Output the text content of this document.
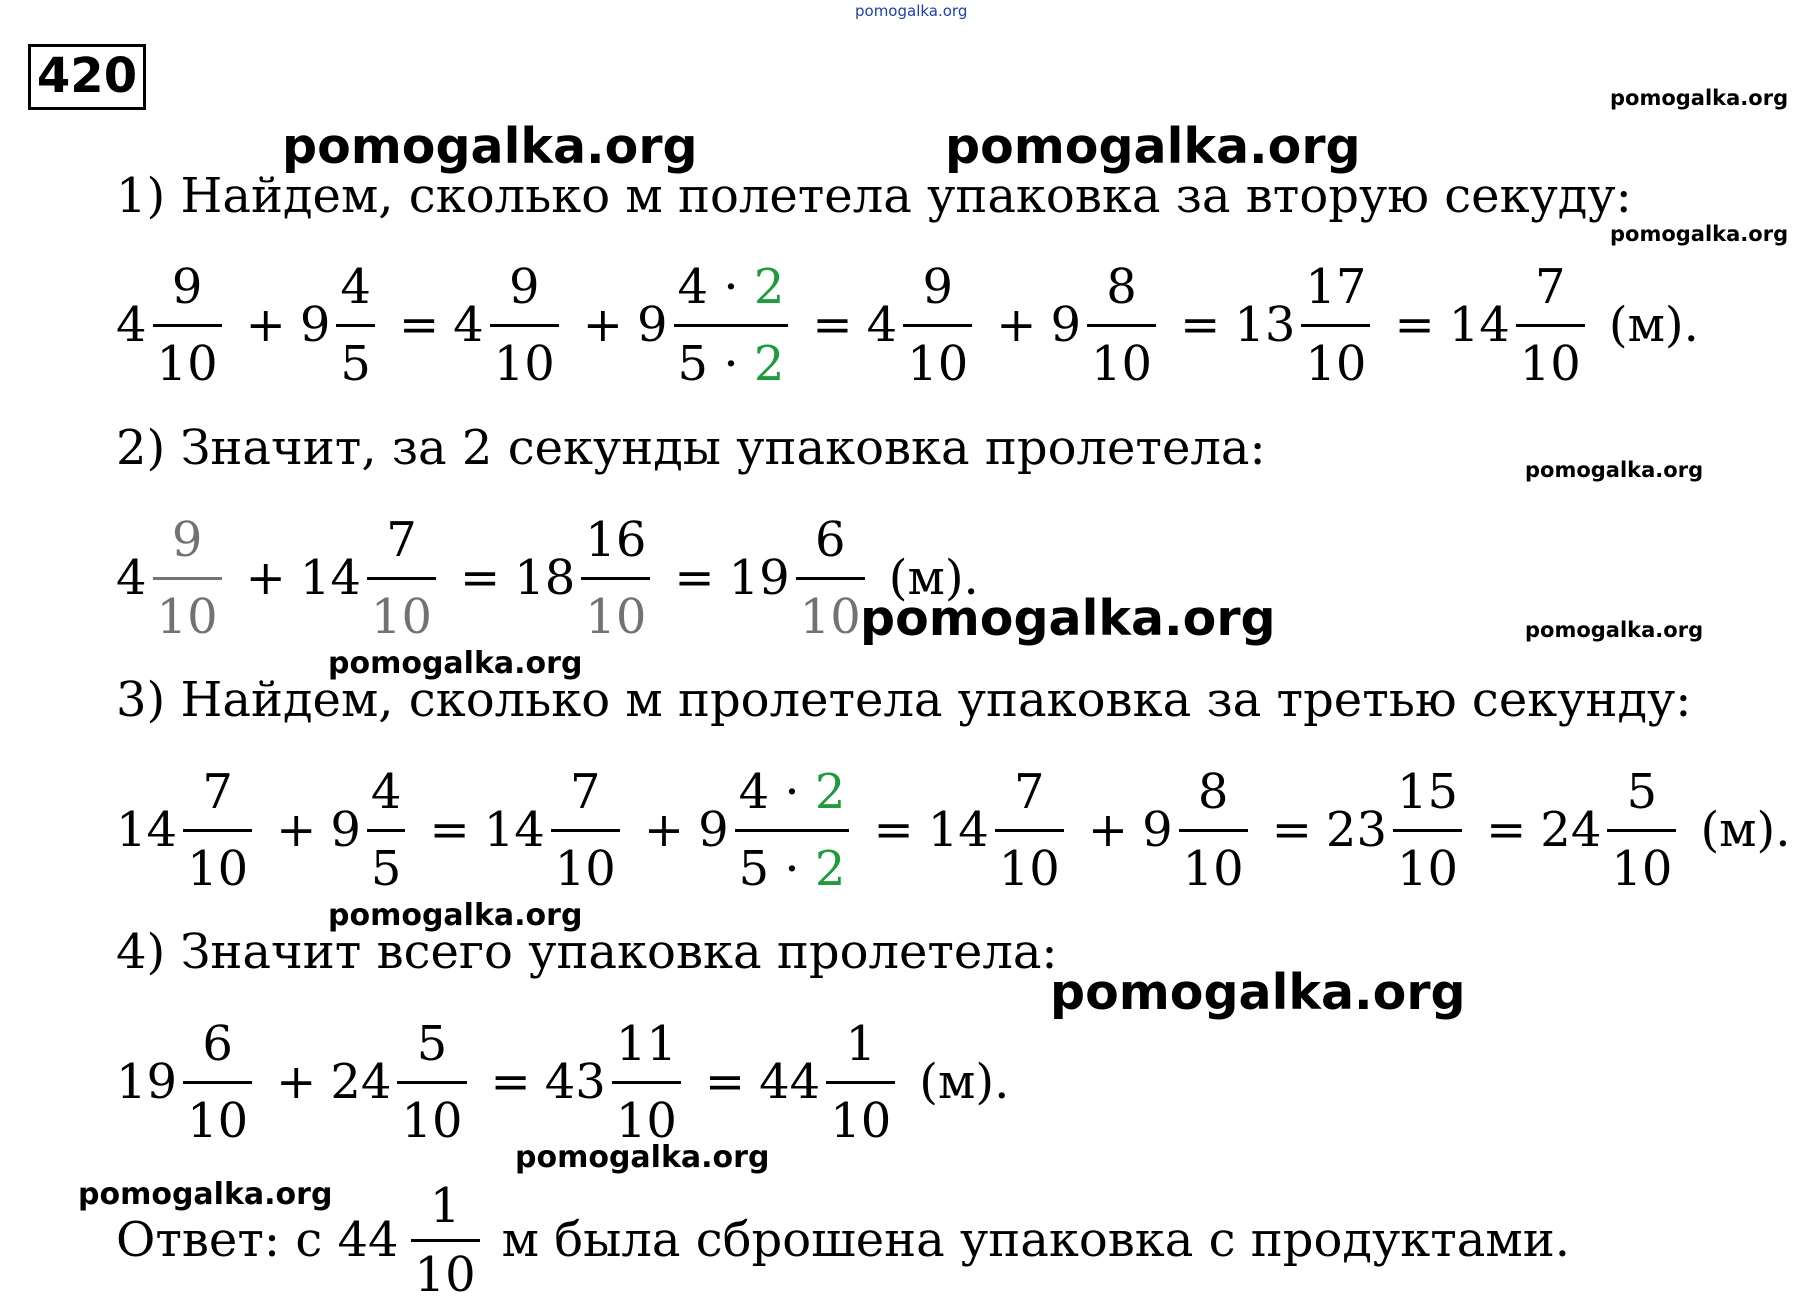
pomogalka.org
420	pomogalka.org
pomogalka.org	pomogalka.org
pomogalka.org
pomogalka.org
pomogalka.org	pomogalka.org
pomogalka.org
pomogalka.org
pomogalka.org
pomogalka.org
pomogalka.org
1) Найдем, сколько м полетела упаковка за вторую секуду:
$4 \frac{9}{10} + 9 \frac{4}{5} = 4 \frac{9}{10} + 9 \frac{4 \cdot 2}{5 \cdot 2} = 4 \frac{9}{10} + 9 \frac{8}{10} = 13 \frac{17}{10} = 14 \frac{7}{10} (м)$.
2) Значит, за 2 секунды упаковка пролетела:
$4 \frac{9}{10} + 14 \frac{7}{10} = 18 \frac{16}{10} = 19 \frac{6}{10} (м)$.
3) Найдем, сколько м пролетела упаковка за третью секунду:
$14 \frac{7}{10} + 9 \frac{4}{5} = 14 \frac{7}{10} + 9 \frac{4 \cdot 2}{5 \cdot 2} = 14 \frac{7}{10} + 9 \frac{8}{10} = 23 \frac{15}{10} = 24 \frac{5}{10} (м)$.
4) Значит всего упаковка пролетела:
$19 \frac{6}{10} + 24 \frac{5}{10} = 43 \frac{11}{10} = 44 \frac{1}{10} (м)$.
Ответ: с $44 \frac{1}{10}$ м была сброшена упаковка с продуктами.
